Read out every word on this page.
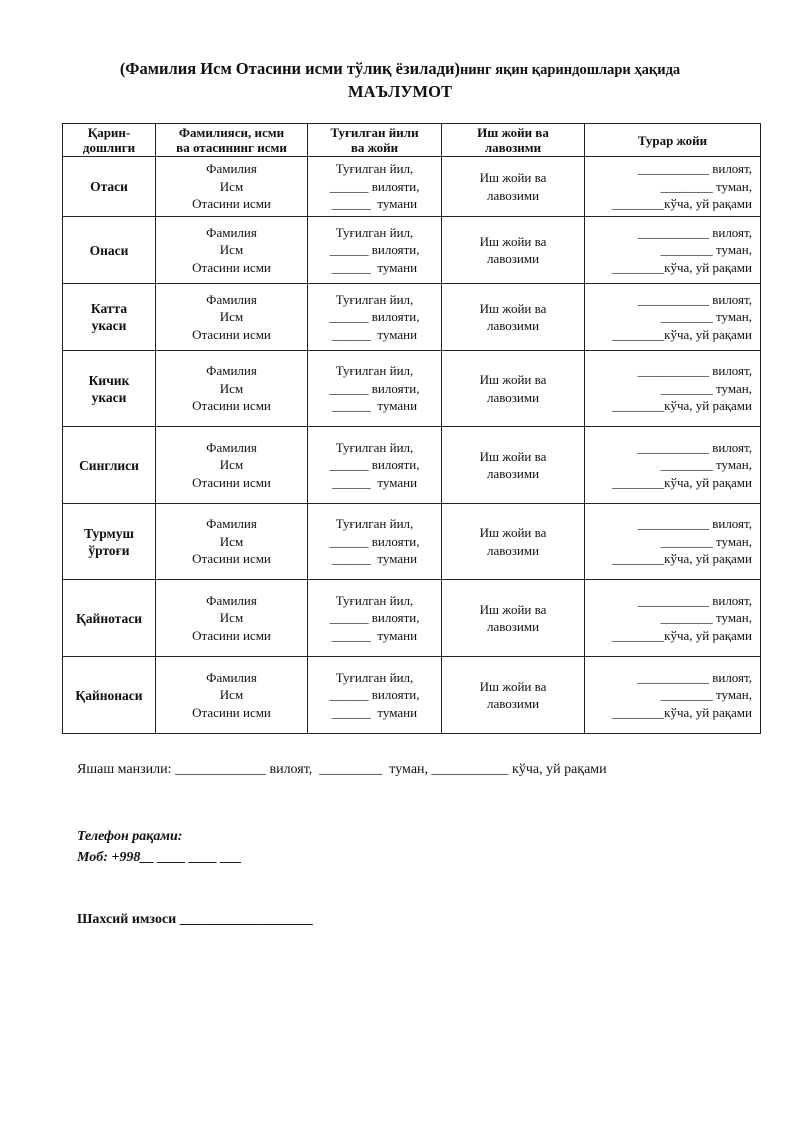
(Фамилия Исм Отасини исми тўлиқ ёзилади)нинг яқин қариндошлари ҳақида
МАЪЛУМОТ
Қарин-
дошлиги	Фамилияси, исми
ва отасининг исми	Туғилган йили
ва жойи	Иш жойи ва
лавозими	Турар жойи

Отаси	Фамилия
Исм
Отасини исми	Туғилган йил,
______ вилояти,
______  тумани	Иш жойи ва
лавозими	___________ вилоят,
________ туман,
________кўча, уй рақами

Онаси	Фамилия
Исм
Отасини исми	Туғилган йил,
______ вилояти,
______  тумани	Иш жойи ва
лавозими	___________ вилоят,
________ туман,
________кўча, уй рақами

Катта
укаси	Фамилия
Исм
Отасини исми	Туғилган йил,
______ вилояти,
______  тумани	Иш жойи ва
лавозими	___________ вилоят,
________ туман,
________кўча, уй рақами

Кичик
укаси	Фамилия
Исм
Отасини исми	Туғилган йил,
______ вилояти,
______  тумани	Иш жойи ва
лавозими	___________ вилоят,
________ туман,
________кўча, уй рақами

Синглиси	Фамилия
Исм
Отасини исми	Туғилган йил,
______ вилояти,
______  тумани	Иш жойи ва
лавозими	___________ вилоят,
________ туман,
________кўча, уй рақами

Турмуш
ўртоғи	Фамилия
Исм
Отасини исми	Туғилган йил,
______ вилояти,
______  тумани	Иш жойи ва
лавозими	___________ вилоят,
________ туман,
________кўча, уй рақами

Қайнотаси	Фамилия
Исм
Отасини исми	Туғилган йил,
______ вилояти,
______  тумани	Иш жойи ва
лавозими	___________ вилоят,
________ туман,
________кўча, уй рақами

Қайнонаси	Фамилия
Исм
Отасини исми	Туғилган йил,
______ вилояти,
______  тумани	Иш жойи ва
лавозими	___________ вилоят,
________ туман,
________кўча, уй рақами
Яшаш манзили: _____________ вилоят,  _________  туман, ___________ кўча, уй рақами
Телефон рақами:
Моб: +998__ ____ ____ ___
Шахсий имзоси ___________________
